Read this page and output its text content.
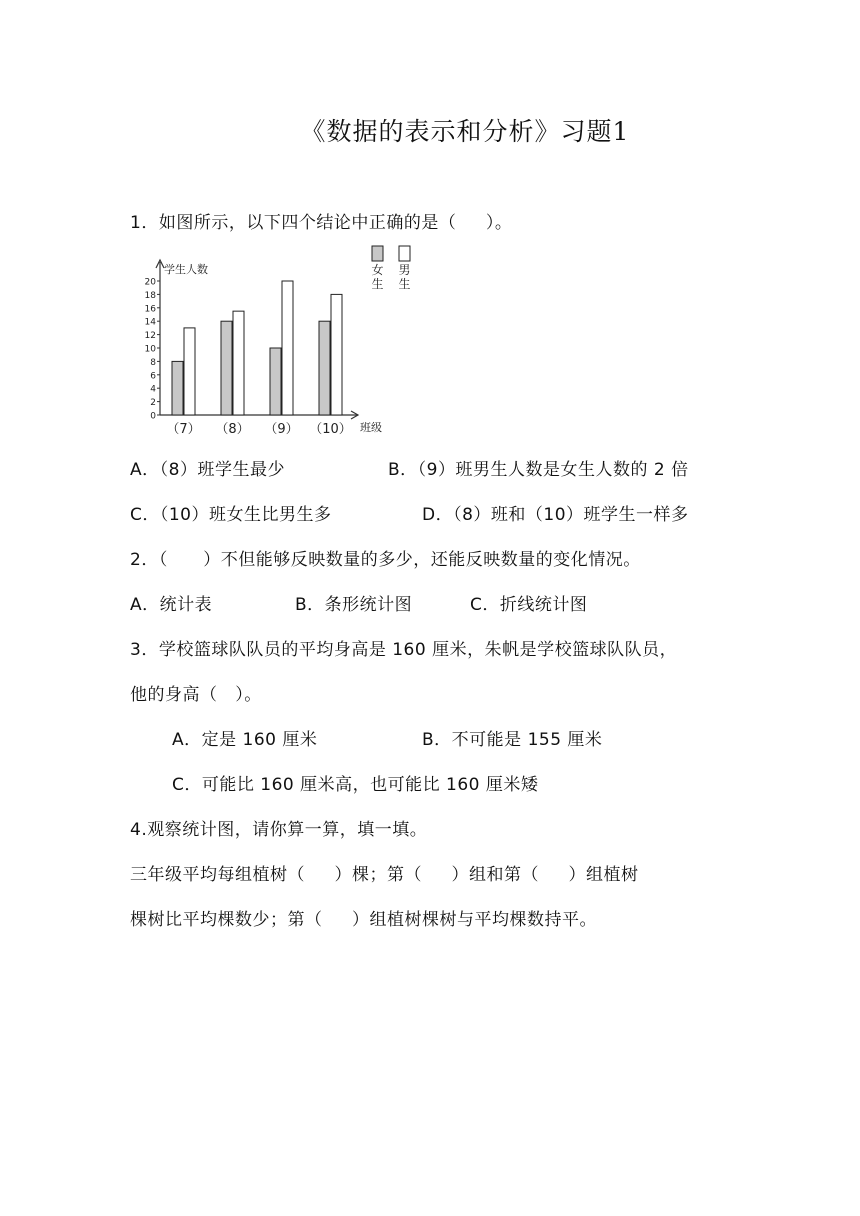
《数据的表示和分析》习题1
1．如图所示，以下四个结论中正确的是（     ）。
学生人数
班级
0
2
4
6
8
10
12
14
16
18
20
（7） （8） （9） （10）
女
生
男
生
A．（8）班学生最少	B．（9）班男生人数是女生人数的 2 倍
C．（10）班女生比男生多	D．（8）班和（10）班学生一样多
2．（      ）不但能够反映数量的多少，还能反映数量的变化情况。
A．统计表	B．条形统计图	C．折线统计图
3．学校篮球队队员的平均身高是 160 厘米，朱帆是学校篮球队队员，
他的身高（   ）。
A．定是 160 厘米	B．不可能是 155 厘米
C．可能比 160 厘米高，也可能比 160 厘米矮
4.观察统计图，请你算一算，填一填。
三年级平均每组植树（     ）棵；第（     ）组和第（     ）组植树
棵树比平均棵数少；第（     ）组植树棵树与平均棵数持平。
